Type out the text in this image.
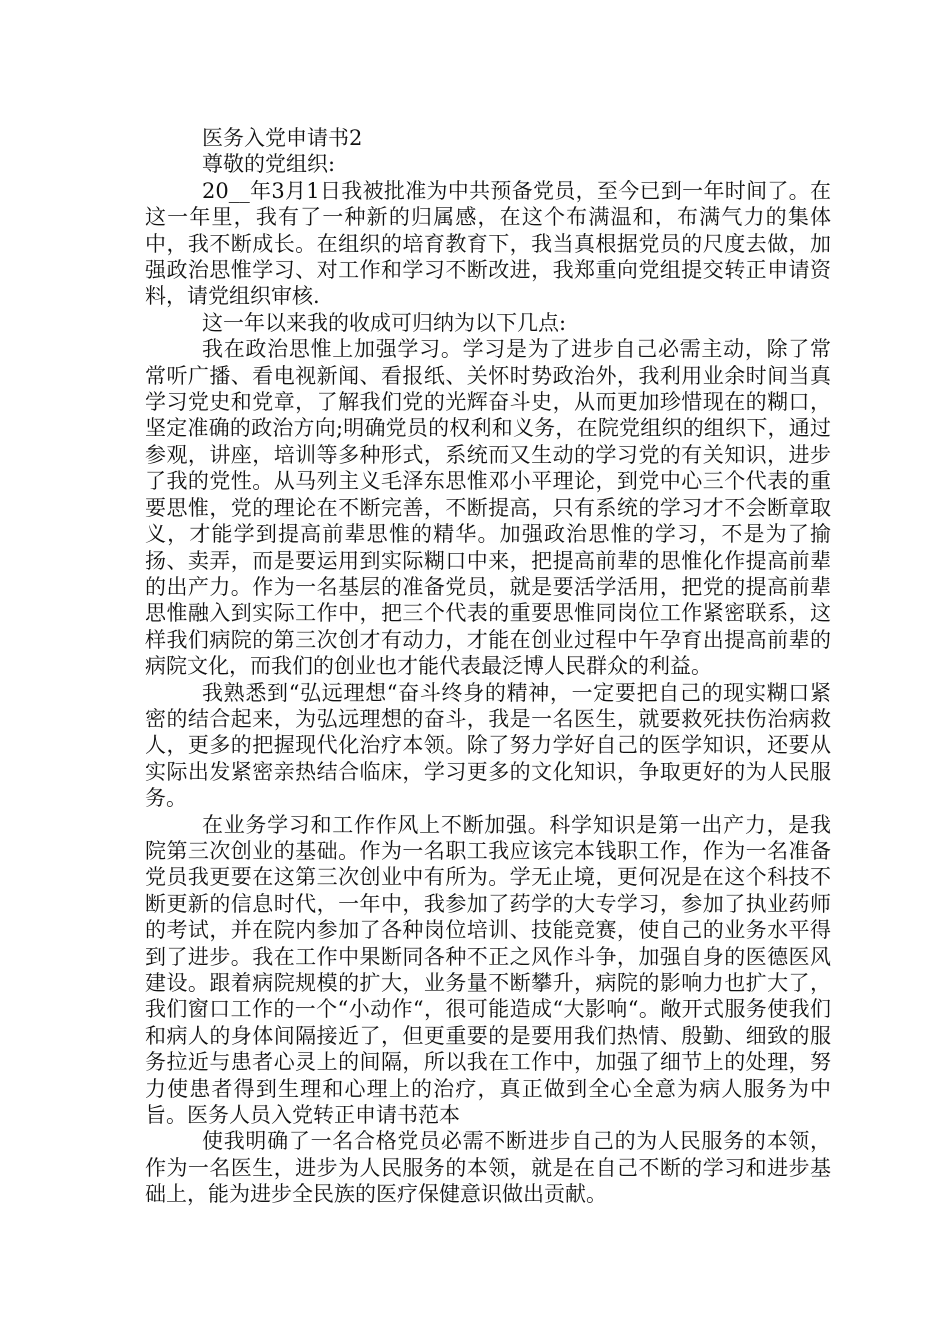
医务入党申请书2

尊敬的党组织:

20__年3月1日我被批准为中共预备党员，至今已到一年时间了。在这一年里，我有了一种新的归属感，在这个布满温和，布满气力的集体中，我不断成长。在组织的培育教育下，我当真根据党员的尺度去做，加强政治思惟学习、对工作和学习不断改进，我郑重向党组提交转正申请资料，请党组织审核.

这一年以来我的收成可归纳为以下几点:

我在政治思惟上加强学习。学习是为了进步自己必需主动，除了常常听广播、看电视新闻、看报纸、关怀时势政治外，我利用业余时间当真学习党史和党章，了解我们党的光辉奋斗史，从而更加珍惜现在的糊口，坚定准确的政治方向;明确党员的权利和义务，在院党组织的组织下，通过参观，讲座，培训等多种形式，系统而又生动的学习党的有关知识，进步了我的党性。从马列主义毛泽东思惟邓小平理论，到党中心三个代表的重要思惟，党的理论在不断完善，不断提高，只有系统的学习才不会断章取义，才能学到提高前辈思惟的精华。加强政治思惟的学习，不是为了揄扬、卖弄，而是要运用到实际糊口中来，把提高前辈的思惟化作提高前辈的出产力。作为一名基层的准备党员，就是要活学活用，把党的提高前辈思惟融入到实际工作中，把三个代表的重要思惟同岗位工作紧密联系，这样我们病院的第三次创才有动力，才能在创业过程中午孕育出提高前辈的病院文化，而我们的创业也才能代表最泛博人民群众的利益。

我熟悉到“弘远理想“奋斗终身的精神，一定要把自己的现实糊口紧密的结合起来，为弘远理想的奋斗，我是一名医生，就要救死扶伤治病救人，更多的把握现代化治疗本领。除了努力学好自己的医学知识，还要从实际出发紧密亲热结合临床，学习更多的文化知识，争取更好的为人民服务。

在业务学习和工作作风上不断加强。科学知识是第一出产力，是我院第三次创业的基础。作为一名职工我应该完本钱职工作，作为一名准备党员我更要在这第三次创业中有所为。学无止境，更何况是在这个科技不断更新的信息时代，一年中，我参加了药学的大专学习，参加了执业药师的考试，并在院内参加了各种岗位培训、技能竞赛，使自己的业务水平得到了进步。我在工作中果断同各种不正之风作斗争，加强自身的医德医风建设。跟着病院规模的扩大，业务量不断攀升，病院的影响力也扩大了，我们窗口工作的一个“小动作“，很可能造成“大影响“。敞开式服务使我们和病人的身体间隔接近了，但更重要的是要用我们热情、殷勤、细致的服务拉近与患者心灵上的间隔，所以我在工作中，加强了细节上的处理，努力使患者得到生理和心理上的治疗，真正做到全心全意为病人服务为中旨。医务人员入党转正申请书范本

使我明确了一名合格党员必需不断进步自己的为人民服务的本领，作为一名医生，进步为人民服务的本领，就是在自己不断的学习和进步基础上，能为进步全民族的医疗保健意识做出贡献。
